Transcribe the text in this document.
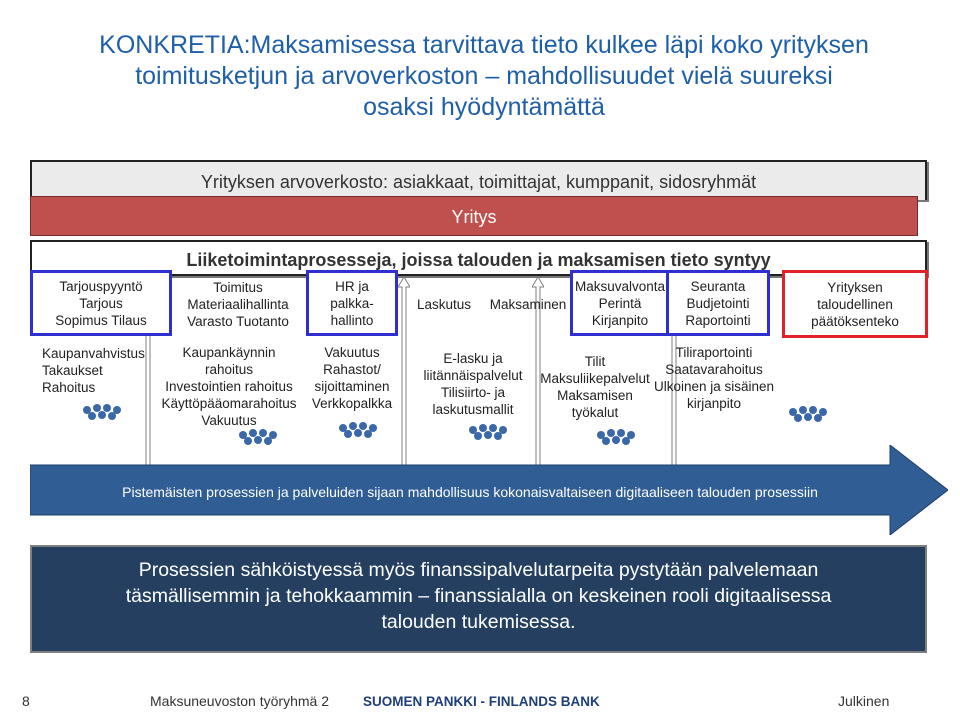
KONKRETIA:Maksamisessa tarvittava tieto kulkee läpi koko yrityksen
toimitusketjun ja arvoverkoston – mahdollisuudet vielä suureksi
osaksi hyödyntämättä
Yrityksen arvoverkosto: asiakkaat, toimittajat, kumppanit, sidosryhmät
Yritys
Liiketoimintaprosesseja, joissa talouden ja maksamisen tieto syntyy
Tarjouspyyntö
Tarjous
Sopimus Tilaus
Toimitus
Materiaalihallinta
Varasto Tuotanto
HR ja
palkka-
hallinto
Laskutus	Maksaminen
Maksuvalvonta
Perintä
Kirjanpito
Seuranta
Budjetointi
Raportointi
Yrityksen
taloudellinen
päätöksenteko
Kaupanvahvistus
Takaukset
Rahoitus
Kaupankäynnin
rahoitus
Investointien rahoitus
Käyttöpääomarahoitus
Vakuutus
Vakuutus
Rahastot/
sijoittaminen
Verkkopalkka
E-lasku ja
liitännäispalvelut
Tilisiirto- ja
laskutusmallit
Tilit
Maksuliikepalvelut
Maksamisen
työkalut
Tiliraportointi
Saatavarahoitus
Ulkoinen ja sisäinen
kirjanpito
Pistemäisten prosessien ja palveluiden sijaan mahdollisuus kokonaisvaltaiseen digitaaliseen talouden prosessiin
Prosessien sähköistyessä myös finanssipalvelutarpeita pystytään palvelemaan
täsmällisemmin ja tehokkaammin – finanssialalla on keskeinen rooli digitaalisessa
talouden tukemisessa.
8	Maksuneuvoston työryhmä 2	SUOMEN PANKKI - FINLANDS BANK	Julkinen
